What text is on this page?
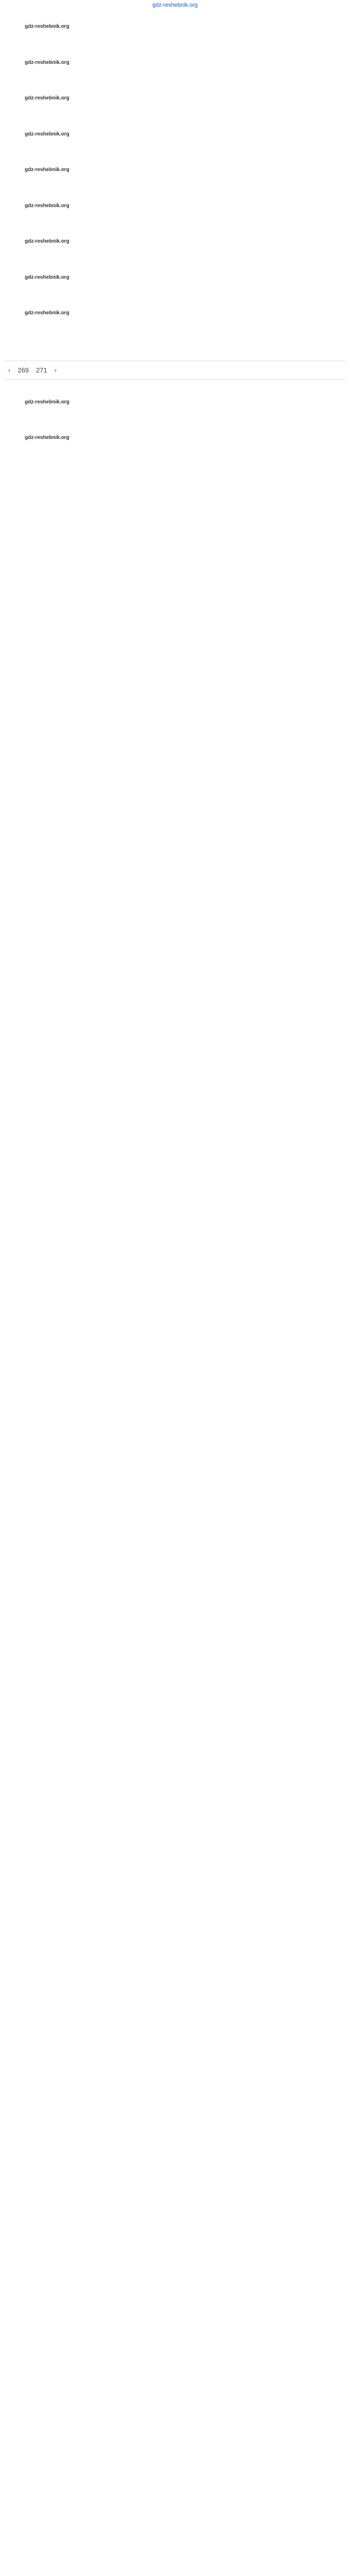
gdz-reshebnik.org

gdz-reshebnik.org

gdz-reshebnik.org

gdz-reshebnik.org

gdz-reshebnik.org

gdz-reshebnik.org

gdz-reshebnik.org

gdz-reshebnik.org

gdz-reshebnik.org

gdz-reshebnik.org

‹ 269 271 ›

gdz-reshebnik.org

gdz-reshebnik.org
